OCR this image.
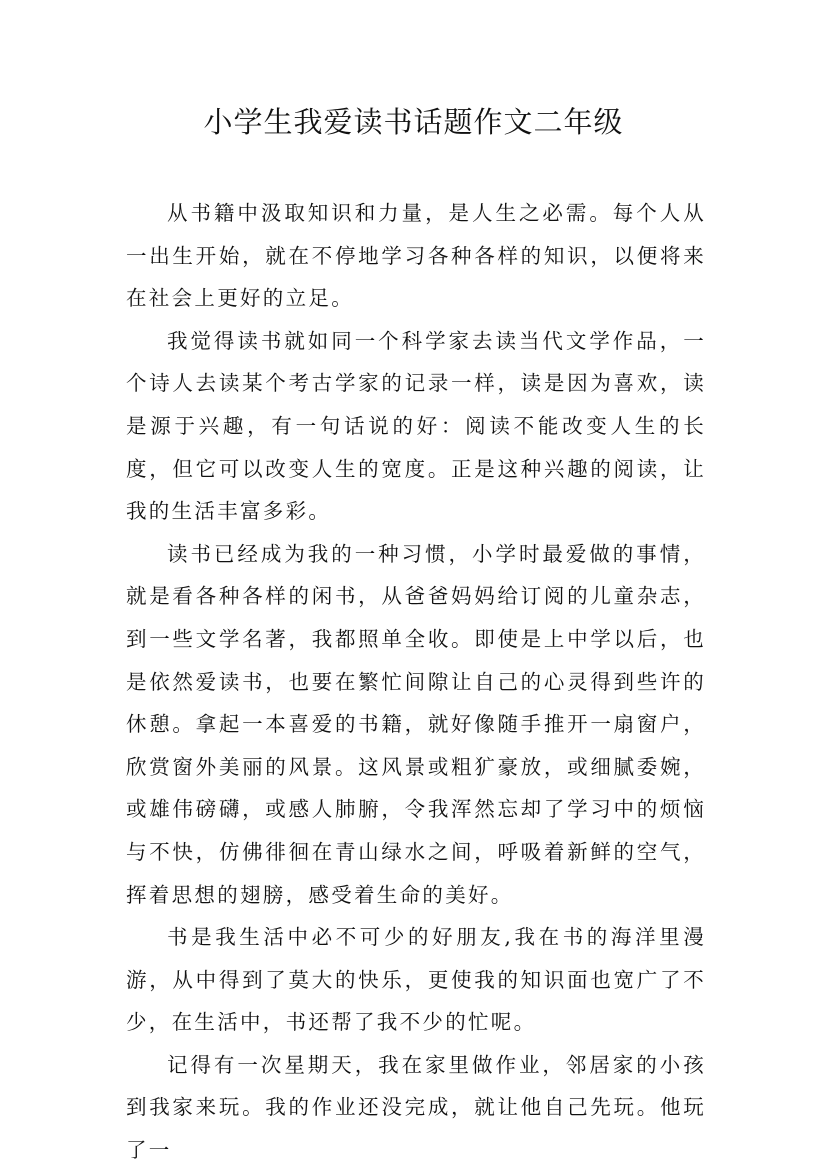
小学生我爱读书话题作文二年级

从书籍中汲取知识和力量，是人生之必需。每个人从一出生开始，就在不停地学习各种各样的知识，以便将来在社会上更好的立足。

我觉得读书就如同一个科学家去读当代文学作品，一个诗人去读某个考古学家的记录一样，读是因为喜欢，读是源于兴趣，有一句话说的好：阅读不能改变人生的长度，但它可以改变人生的宽度。正是这种兴趣的阅读，让我的生活丰富多彩。

读书已经成为我的一种习惯，小学时最爱做的事情，就是看各种各样的闲书，从爸爸妈妈给订阅的儿童杂志，到一些文学名著，我都照单全收。即使是上中学以后，也是依然爱读书，也要在繁忙间隙让自己的心灵得到些许的休憩。拿起一本喜爱的书籍，就好像随手推开一扇窗户，欣赏窗外美丽的风景。这风景或粗犷豪放，或细腻委婉，或雄伟磅礴，或感人肺腑，令我浑然忘却了学习中的烦恼与不快，仿佛徘徊在青山绿水之间，呼吸着新鲜的空气，挥着思想的翅膀，感受着生命的美好。

书是我生活中必不可少的好朋友,我在书的海洋里漫游，从中得到了莫大的快乐，更使我的知识面也宽广了不少，在生活中，书还帮了我不少的忙呢。

记得有一次星期天，我在家里做作业，邻居家的小孩到我家来玩。我的作业还没完成，就让他自己先玩。他玩了一
